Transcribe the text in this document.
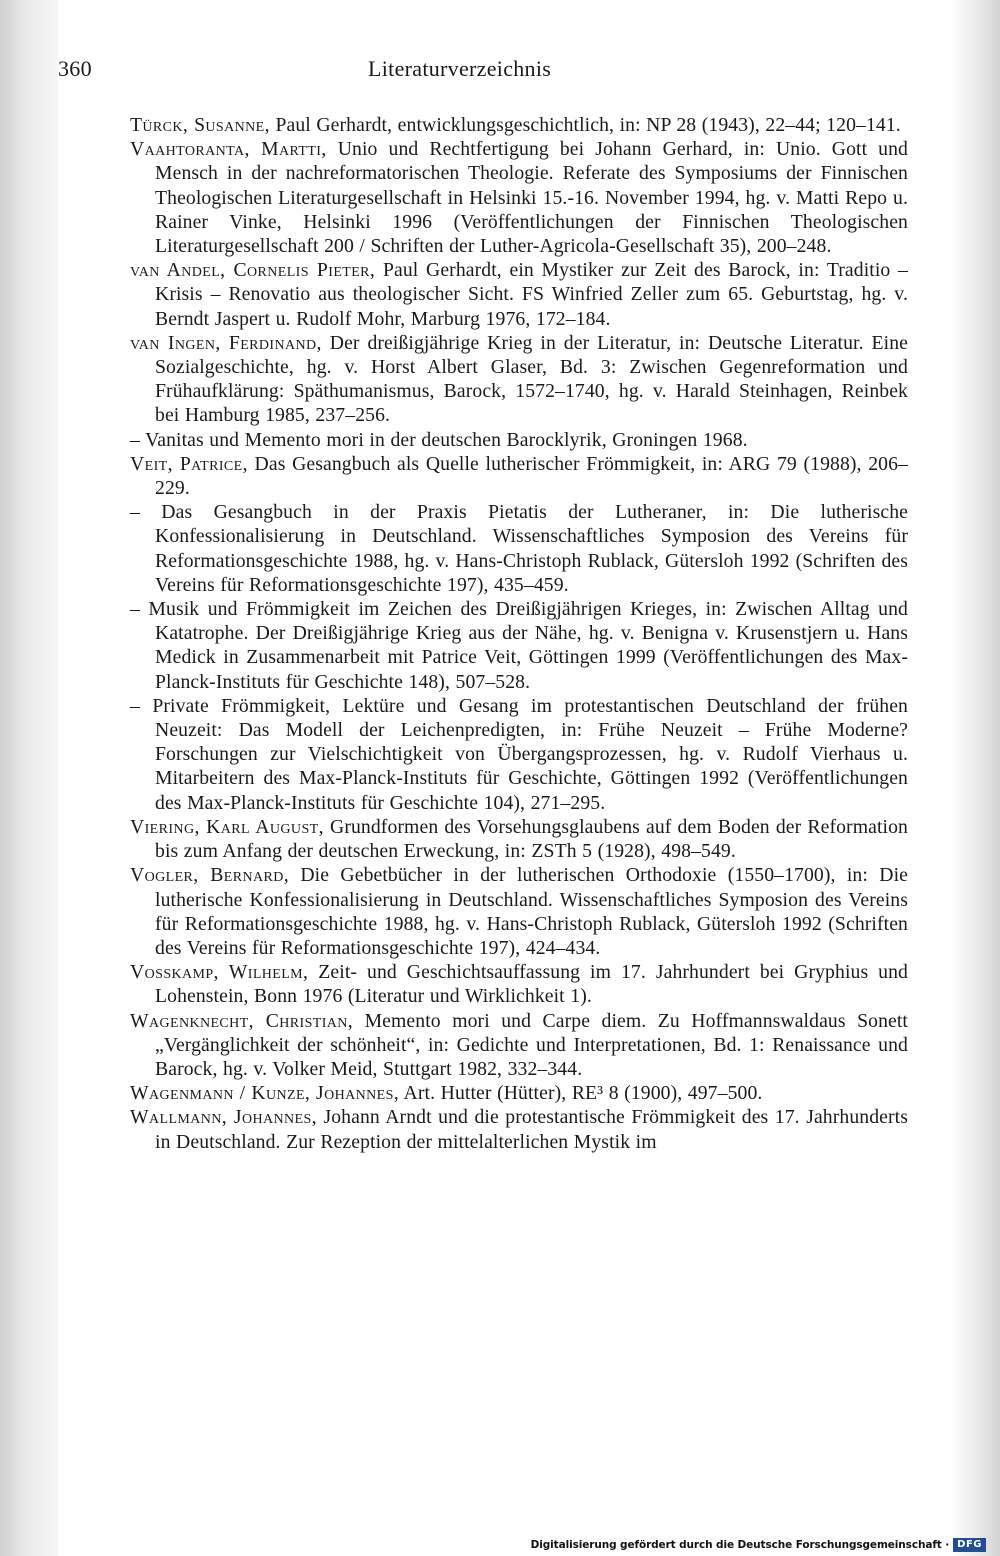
360	Literaturverzeichnis
Türck, Susanne, Paul Gerhardt, entwicklungsgeschichtlich, in: NP 28 (1943), 22–44; 120–141.
Vaahtoranta, Martti, Unio und Rechtfertigung bei Johann Gerhard, in: Unio. Gott und Mensch in der nachreformatorischen Theologie. Referate des Symposiums der Finnischen Theologischen Literaturgesellschaft in Helsinki 15.-16. November 1994, hg. v. Matti Repo u. Rainer Vinke, Helsinki 1996 (Veröffentlichungen der Finnischen Theologischen Literaturgesellschaft 200 / Schriften der Luther-Agricola-Gesellschaft 35), 200–248.
van Andel, Cornelis Pieter, Paul Gerhardt, ein Mystiker zur Zeit des Barock, in: Traditio – Krisis – Renovatio aus theologischer Sicht. FS Winfried Zeller zum 65. Geburtstag, hg. v. Berndt Jaspert u. Rudolf Mohr, Marburg 1976, 172–184.
van Ingen, Ferdinand, Der dreißigjährige Krieg in der Literatur, in: Deutsche Literatur. Eine Sozialgeschichte, hg. v. Horst Albert Glaser, Bd. 3: Zwischen Gegenreformation und Frühaufklärung: Späthumanismus, Barock, 1572–1740, hg. v. Harald Steinhagen, Reinbek bei Hamburg 1985, 237–256.
– Vanitas und Memento mori in der deutschen Barocklyrik, Groningen 1968.
Veit, Patrice, Das Gesangbuch als Quelle lutherischer Frömmigkeit, in: ARG 79 (1988), 206–229.
– Das Gesangbuch in der Praxis Pietatis der Lutheraner, in: Die lutherische Konfessionalisierung in Deutschland. Wissenschaftliches Symposion des Vereins für Reformationsgeschichte 1988, hg. v. Hans-Christoph Rublack, Gütersloh 1992 (Schriften des Vereins für Reformationsgeschichte 197), 435–459.
– Musik und Frömmigkeit im Zeichen des Dreißigjährigen Krieges, in: Zwischen Alltag und Katatrophe. Der Dreißigjährige Krieg aus der Nähe, hg. v. Benigna v. Krusenstjern u. Hans Medick in Zusammenarbeit mit Patrice Veit, Göttingen 1999 (Veröffentlichungen des Max-Planck-Instituts für Geschichte 148), 507–528.
– Private Frömmigkeit, Lektüre und Gesang im protestantischen Deutschland der frühen Neuzeit: Das Modell der Leichenpredigten, in: Frühe Neuzeit – Frühe Moderne? Forschungen zur Vielschichtigkeit von Übergangsprozessen, hg. v. Rudolf Vierhaus u. Mitarbeitern des Max-Planck-Instituts für Geschichte, Göttingen 1992 (Veröffentlichungen des Max-Planck-Instituts für Geschichte 104), 271–295.
Viering, Karl August, Grundformen des Vorsehungsglaubens auf dem Boden der Reformation bis zum Anfang der deutschen Erweckung, in: ZSTh 5 (1928), 498–549.
Vogler, Bernard, Die Gebetbücher in der lutherischen Orthodoxie (1550–1700), in: Die lutherische Konfessionalisierung in Deutschland. Wissenschaftliches Symposion des Vereins für Reformationsgeschichte 1988, hg. v. Hans-Christoph Rublack, Gütersloh 1992 (Schriften des Vereins für Reformationsgeschichte 197), 424–434.
Vosskamp, Wilhelm, Zeit- und Geschichtsauffassung im 17. Jahrhundert bei Gryphius und Lohenstein, Bonn 1976 (Literatur und Wirklichkeit 1).
Wagenknecht, Christian, Memento mori und Carpe diem. Zu Hoffmannswaldaus Sonett „Vergänglichkeit der schönheit“, in: Gedichte und Interpretationen, Bd. 1: Renaissance und Barock, hg. v. Volker Meid, Stuttgart 1982, 332–344.
Wagenmann / Kunze, Johannes, Art. Hutter (Hütter), RE³ 8 (1900), 497–500.
Wallmann, Johannes, Johann Arndt und die protestantische Frömmigkeit des 17. Jahrhunderts in Deutschland. Zur Rezeption der mittelalterlichen Mystik im
Digitalisierung gefördert durch die Deutsche Forschungsgemeinschaft · DFG
